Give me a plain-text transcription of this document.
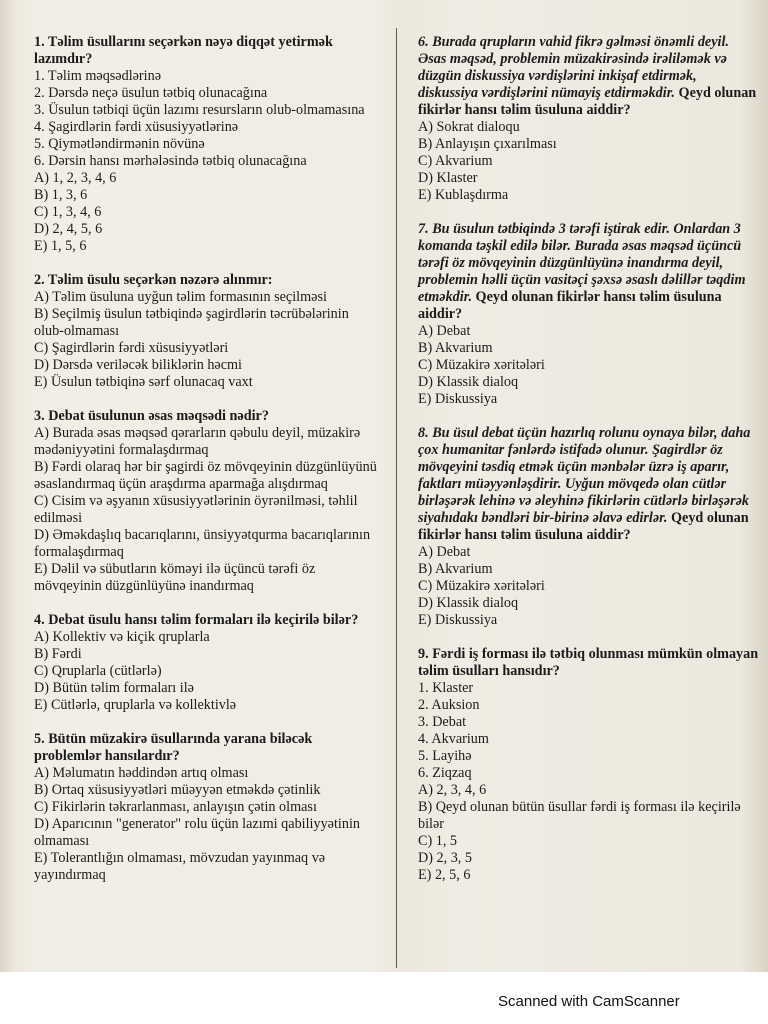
1. Təlim üsullarını seçərkən nəyə diqqət yetirmək lazımdır?
1. Təlim məqsədlərinə
2. Dərsdə neçə üsulun tətbiq olunacağına
3. Üsulun tətbiqi üçün lazımı resursların olub-olmamasına
4. Şagirdlərin fərdi xüsusiyyətlərinə
5. Qiymətləndirmənin növünə
6. Dərsin hansı mərhələsində tətbiq olunacağına
A) 1, 2, 3, 4, 6
B) 1, 3, 6
C) 1, 3, 4, 6
D) 2, 4, 5, 6
E) 1, 5, 6
2. Təlim üsulu seçərkən nəzərə alınmır:
A) Təlim üsuluna uyğun təlim formasının seçilməsi
B) Seçilmiş üsulun tətbiqində şagirdlərin təcrübələrinin olub-olmaması
C) Şagirdlərin fərdi xüsusiyyətləri
D) Dərsdə veriləcək biliklərin həcmi
E) Üsulun tətbiqinə sərf olunacaq vaxt
3. Debat üsulunun əsas məqsədi nədir?
A) Burada əsas məqsəd qərarların qəbulu deyil, müzakirə mədəniyyətini formalaşdırmaq
B) Fərdi olaraq hər bir şagirdi öz mövqeyinin düzgünlüyünü əsaslandırmaq üçün araşdırma aparmağa alışdırmaq
C) Cisim və əşyanın xüsusiyyətlərinin öyrənilməsi, təhlil edilməsi
D) Əməkdaşlıq bacarıqlarını, ünsiyyətqurma bacarıqlarının formalaşdırmaq
E) Dəlil və sübutların köməyi ilə üçüncü tərəfi öz mövqeyinin düzgünlüyünə inandırmaq
4. Debat üsulu hansı təlim formaları ilə keçirilə bilər?
A) Kollektiv və kiçik qruplarla
B) Fərdi
C) Qruplarla (cütlərlə)
D) Bütün təlim formaları ilə
E) Cütlərlə, qruplarla və kollektivlə
5. Bütün müzakirə üsullarında yarana biləcək problemlər hansılardır?
A) Məlumatın həddindən artıq olması
B) Ortaq xüsusiyyətləri müəyyən etməkdə çətinlik
C) Fikirlərin təkrarlanması, anlayışın çətin olması
D) Aparıcının "generator" rolu üçün lazımi qabiliyyətinin olmaması
E) Tolerantlığın olmaması, mövzudan yayınmaq və yayındırmaq
6. Burada qrupların vahid fikrə gəlməsi önəmli deyil. Əsas məqsəd, problemin müzakirəsində irəliləmək və düzgün diskussiya vərdişlərini inkişaf etdirmək, diskussiya vərdişlərini nümayiş etdirməkdir. Qeyd olunan fikirlər hansı təlim üsuluna aiddir?
A) Sokrat dialoqu
B) Anlayışın çıxarılması
C) Akvarium
D) Klaster
E) Kublaşdırma
7. Bu üsulun tətbiqində 3 tərəfi iştirak edir. Onlardan 3 komanda təşkil edilə bilər. Burada əsas məqsəd üçüncü tərəfi öz mövqeyinin düzgünlüyünə inandırma deyil, problemin həlli üçün vasitəçi şəxsə əsaslı dəlillər təqdim etməkdir. Qeyd olunan fikirlər hansı təlim üsuluna aiddir?
A) Debat
B) Akvarium
C) Müzakirə xəritələri
D) Klassik dialoq
E) Diskussiya
8. Bu üsul debat üçün hazırlıq rolunu oynaya bilər, daha çox humanitar fənlərdə istifadə olunur. Şagirdlər öz mövqeyini təsdiq etmək üçün mənbələr üzrə iş aparır, faktları müəyyənləşdirir. Uyğun mövqedə olan cütlər birləşərək lehinə və əleyhinə fikirlərin cütlərlə birləşərək siyahıdakı bəndləri bir-birinə əlavə edirlər. Qeyd olunan fikirlər hansı təlim üsuluna aiddir?
A) Debat
B) Akvarium
C) Müzakirə xəritələri
D) Klassik dialoq
E) Diskussiya
9. Fərdi iş forması ilə tətbiq olunması mümkün olmayan təlim üsulları hansıdır?
1. Klaster
2. Auksion
3. Debat
4. Akvarium
5. Layihə
6. Ziqzaq
A) 2, 3, 4, 6
B) Qeyd olunan bütün üsullar fərdi iş forması ilə keçirilə bilər
C) 1, 5
D) 2, 3, 5
E) 2, 5, 6
Scanned with CamScanner
